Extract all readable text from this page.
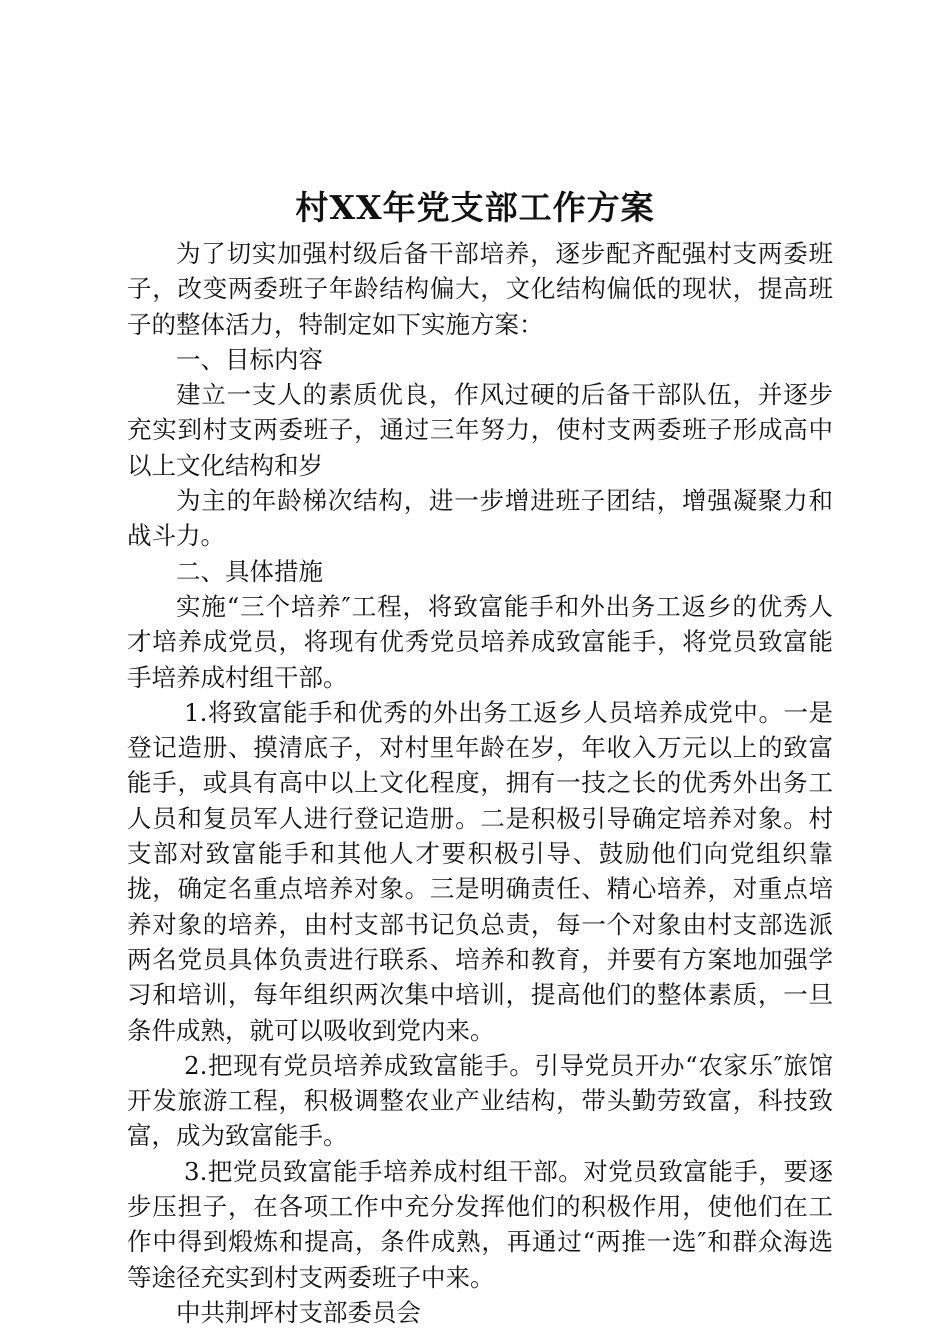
村XX年党支部工作方案

为了切实加强村级后备干部培养，逐步配齐配强村支两委班子，改变两委班子年龄结构偏大，文化结构偏低的现状，提高班子的整体活力，特制定如下实施方案：

一、目标内容

建立一支人的素质优良，作风过硬的后备干部队伍，并逐步充实到村支两委班子，通过三年努力，使村支两委班子形成高中以上文化结构和岁

为主的年龄梯次结构，进一步增进班子团结，增强凝聚力和战斗力。

二、具体措施

实施“三个培养″工程，将致富能手和外出务工返乡的优秀人才培养成党员，将现有优秀党员培养成致富能手，将党员致富能手培养成村组干部。

1.将致富能手和优秀的外出务工返乡人员培养成党中。一是登记造册、摸清底子，对村里年龄在岁，年收入万元以上的致富能手，或具有高中以上文化程度，拥有一技之长的优秀外出务工人员和复员军人进行登记造册。二是积极引导确定培养对象。村支部对致富能手和其他人才要积极引导、鼓励他们向党组织靠拢，确定名重点培养对象。三是明确责任、精心培养，对重点培养对象的培养，由村支部书记负总责，每一个对象由村支部选派两名党员具体负责进行联系、培养和教育，并要有方案地加强学习和培训，每年组织两次集中培训，提高他们的整体素质，一旦条件成熟，就可以吸收到党内来。

2.把现有党员培养成致富能手。引导党员开办“农家乐″旅馆开发旅游工程，积极调整农业产业结构，带头勤劳致富，科技致富，成为致富能手。

3.把党员致富能手培养成村组干部。对党员致富能手，要逐步压担子，在各项工作中充分发挥他们的积极作用，使他们在工作中得到煅炼和提高，条件成熟，再通过“两推一选″和群众海选等途径充实到村支两委班子中来。

中共荆坪村支部委员会
